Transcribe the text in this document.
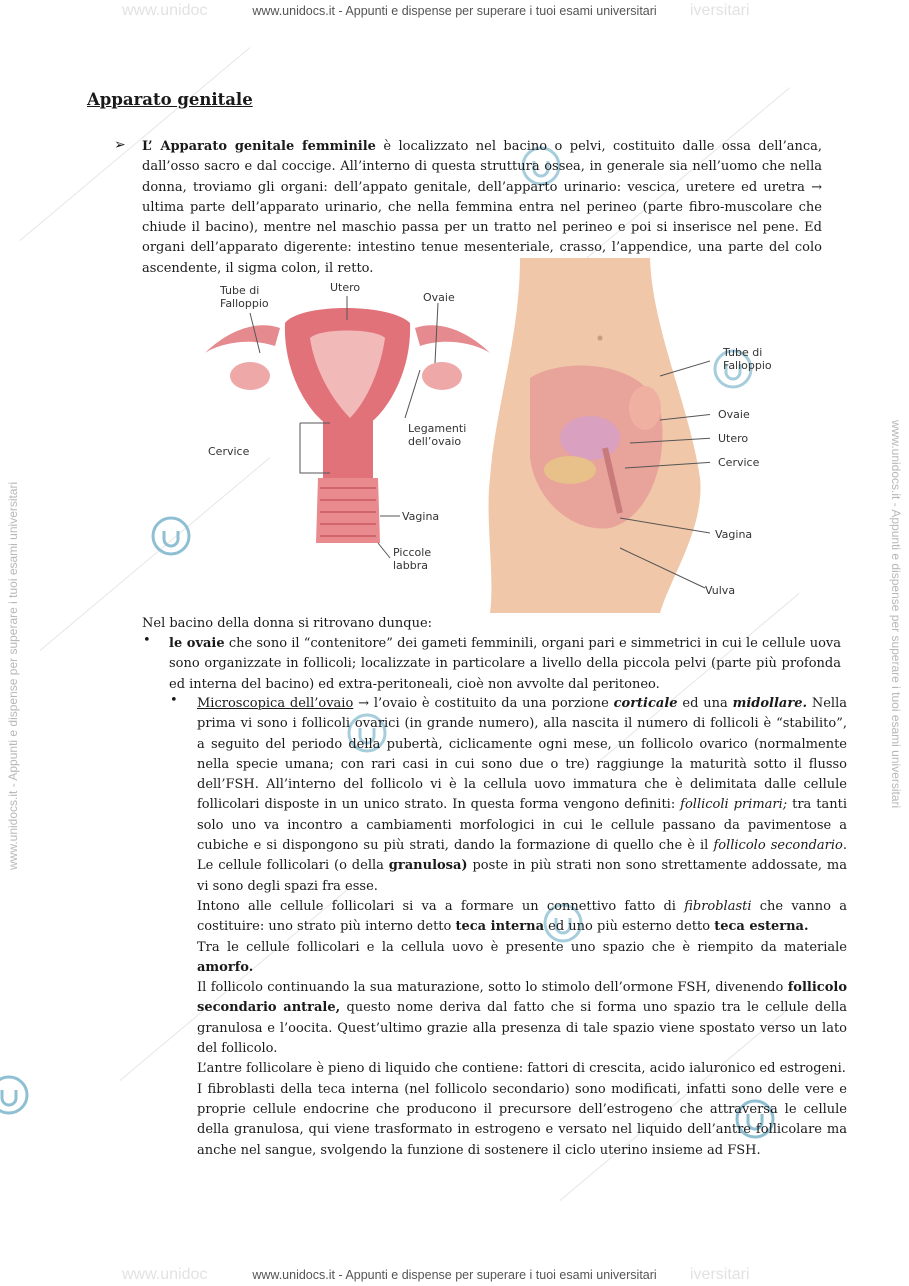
www.unidoc	iversitari
www.unidoc	iversitari
www.unidocs.it - Appunti e dispense per superare i tuoi esami universitari	www.unidocs.it - Appunti e dispense per superare i tuoi esami universitari
www.unidocs.it - Appunti e dispense per superare i tuoi esami universitari
www.unidocs.it - Appunti e dispense per superare i tuoi esami universitari
Apparato genitale
➢ L’ Apparato genitale femminile è localizzato nel bacino o pelvi, costituito dalle ossa dell’anca, dall’osso sacro e dal coccige. All’interno di questa struttura ossea, in generale sia nell’uomo che nella donna, troviamo gli organi: dell’appato genitale, dell’apparto urinario: vescica, uretere ed uretra → ultima parte dell’apparato urinario, che nella femmina entra nel perineo (parte fibro-muscolare che chiude il bacino), mentre nel maschio passa per un tratto nel perineo e poi si inserisce nel pene. Ed organi dell’apparato digerente: intestino tenue mesenteriale, crasso, l’appendice, una parte del colo ascendente, il sigma colon, il retto.

Tube di Falloppio
Utero
Ovaie
Cervice
Legamenti dell’ovaio
Vagina
Piccole labbra
Tube di Falloppio
Ovaie
Utero
Cervice
Vagina
Vulva
Nel bacino della donna si ritrovano dunque:
• le ovaie che sono il “contenitore” dei gameti femminili, organi pari e simmetrici in cui le cellule uova sono organizzate in follicoli; localizzate in particolare a livello della piccola pelvi (parte più profonda ed interna del bacino) ed extra-peritoneali, cioè non avvolte dal peritoneo.

• Microscopica dell’ovaio → l’ovaio è costituito da una porzione corticale ed una midollare. Nella prima vi sono i follicoli ovarici (in grande numero), alla nascita il numero di follicoli è “stabilito”, a seguito del periodo della pubertà, ciclicamente ogni mese, un follicolo ovarico (normalmente nella specie umana; con rari casi in cui sono due o tre) raggiunge la maturità sotto il flusso dell’FSH. All’interno del follicolo vi è la cellula uovo immatura che è delimitata dalle cellule follicolari disposte in un unico strato. In questa forma vengono definiti: follicoli primari; tra tanti solo uno va incontro a cambiamenti morfologici in cui le cellule passano da pavimentose a cubiche e si dispongono su più strati, dando la formazione di quello che è il follicolo secondario. Le cellule follicolari (o della granulosa) poste in più strati non sono strettamente addossate, ma vi sono degli spazi fra esse.

Intono alle cellule follicolari si va a formare un connettivo fatto di fibroblasti che vanno a costituire: uno strato più interno detto teca interna ed uno più esterno detto teca esterna.

Tra le cellule follicolari e la cellula uovo è presente uno spazio che è riempito da materiale amorfo.

Il follicolo continuando la sua maturazione, sotto lo stimolo dell’ormone FSH, divenendo follicolo secondario antrale, questo nome deriva dal fatto che si forma uno spazio tra le cellule della granulosa e l’oocita. Quest’ultimo grazie alla presenza di tale spazio viene spostato verso un lato del follicolo.

L’antre follicolare è pieno di liquido che contiene: fattori di crescita, acido ialuronico ed estrogeni.

I fibroblasti della teca interna (nel follicolo secondario) sono modificati, infatti sono delle vere e proprie cellule endocrine che producono il precursore dell’estrogeno che attraversa le cellule della granulosa, qui viene trasformato in estrogeno e versato nel liquido dell’antre follicolare ma anche nel sangue, svolgendo la funzione di sostenere il ciclo uterino insieme ad FSH.
